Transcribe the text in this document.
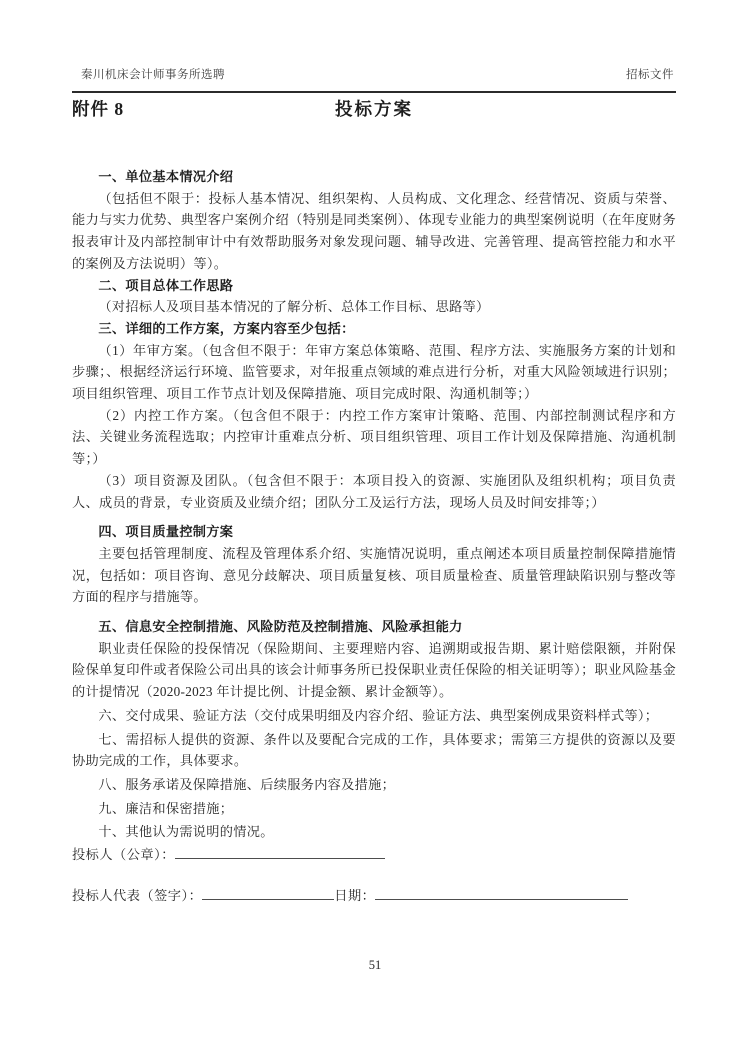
秦川机床会计师事务所选聘	招标文件
附件 8	投标方案

一、单位基本情况介绍

（包括但不限于：投标人基本情况、组织架构、人员构成、文化理念、经营情况、资质与荣誉、能力与实力优势、典型客户案例介绍（特别是同类案例）、体现专业能力的典型案例说明（在年度财务报表审计及内部控制审计中有效帮助服务对象发现问题、辅导改进、完善管理、提高管控能力和水平的案例及方法说明）等）。

二、项目总体工作思路

（对招标人及项目基本情况的了解分析、总体工作目标、思路等）

三、详细的工作方案，方案内容至少包括：

（1）年审方案。（包含但不限于：年审方案总体策略、范围、程序方法、实施服务方案的计划和步骤；、根据经济运行环境、监管要求，对年报重点领域的难点进行分析，对重大风险领域进行识别；项目组织管理、项目工作节点计划及保障措施、项目完成时限、沟通机制等；）

（2）内控工作方案。（包含但不限于：内控工作方案审计策略、范围、内部控制测试程序和方法、关键业务流程选取；内控审计重难点分析、项目组织管理、项目工作计划及保障措施、沟通机制等；）

（3）项目资源及团队。（包含但不限于：本项目投入的资源、实施团队及组织机构；项目负责人、成员的背景，专业资质及业绩介绍；团队分工及运行方法，现场人员及时间安排等；）

四、项目质量控制方案

主要包括管理制度、流程及管理体系介绍、实施情况说明，重点阐述本项目质量控制保障措施情况，包括如：项目咨询、意见分歧解决、项目质量复核、项目质量检查、质量管理缺陷识别与整改等方面的程序与措施等。

五、信息安全控制措施、风险防范及控制措施、风险承担能力

职业责任保险的投保情况（保险期间、主要理赔内容、追溯期或报告期、累计赔偿限额，并附保险保单复印件或者保险公司出具的该会计师事务所已投保职业责任保险的相关证明等）；职业风险基金的计提情况（2020-2023 年计提比例、计提金额、累计金额等）。

六、交付成果、验证方法（交付成果明细及内容介绍、验证方法、典型案例成果资料样式等）；

七、需招标人提供的资源、条件以及要配合完成的工作，具体要求；需第三方提供的资源以及要协助完成的工作，具体要求。

八、服务承诺及保障措施、后续服务内容及措施；

九、廉洁和保密措施；

十、其他认为需说明的情况。

投标人（公章）：
投标人代表（签字）：	日期：
51
